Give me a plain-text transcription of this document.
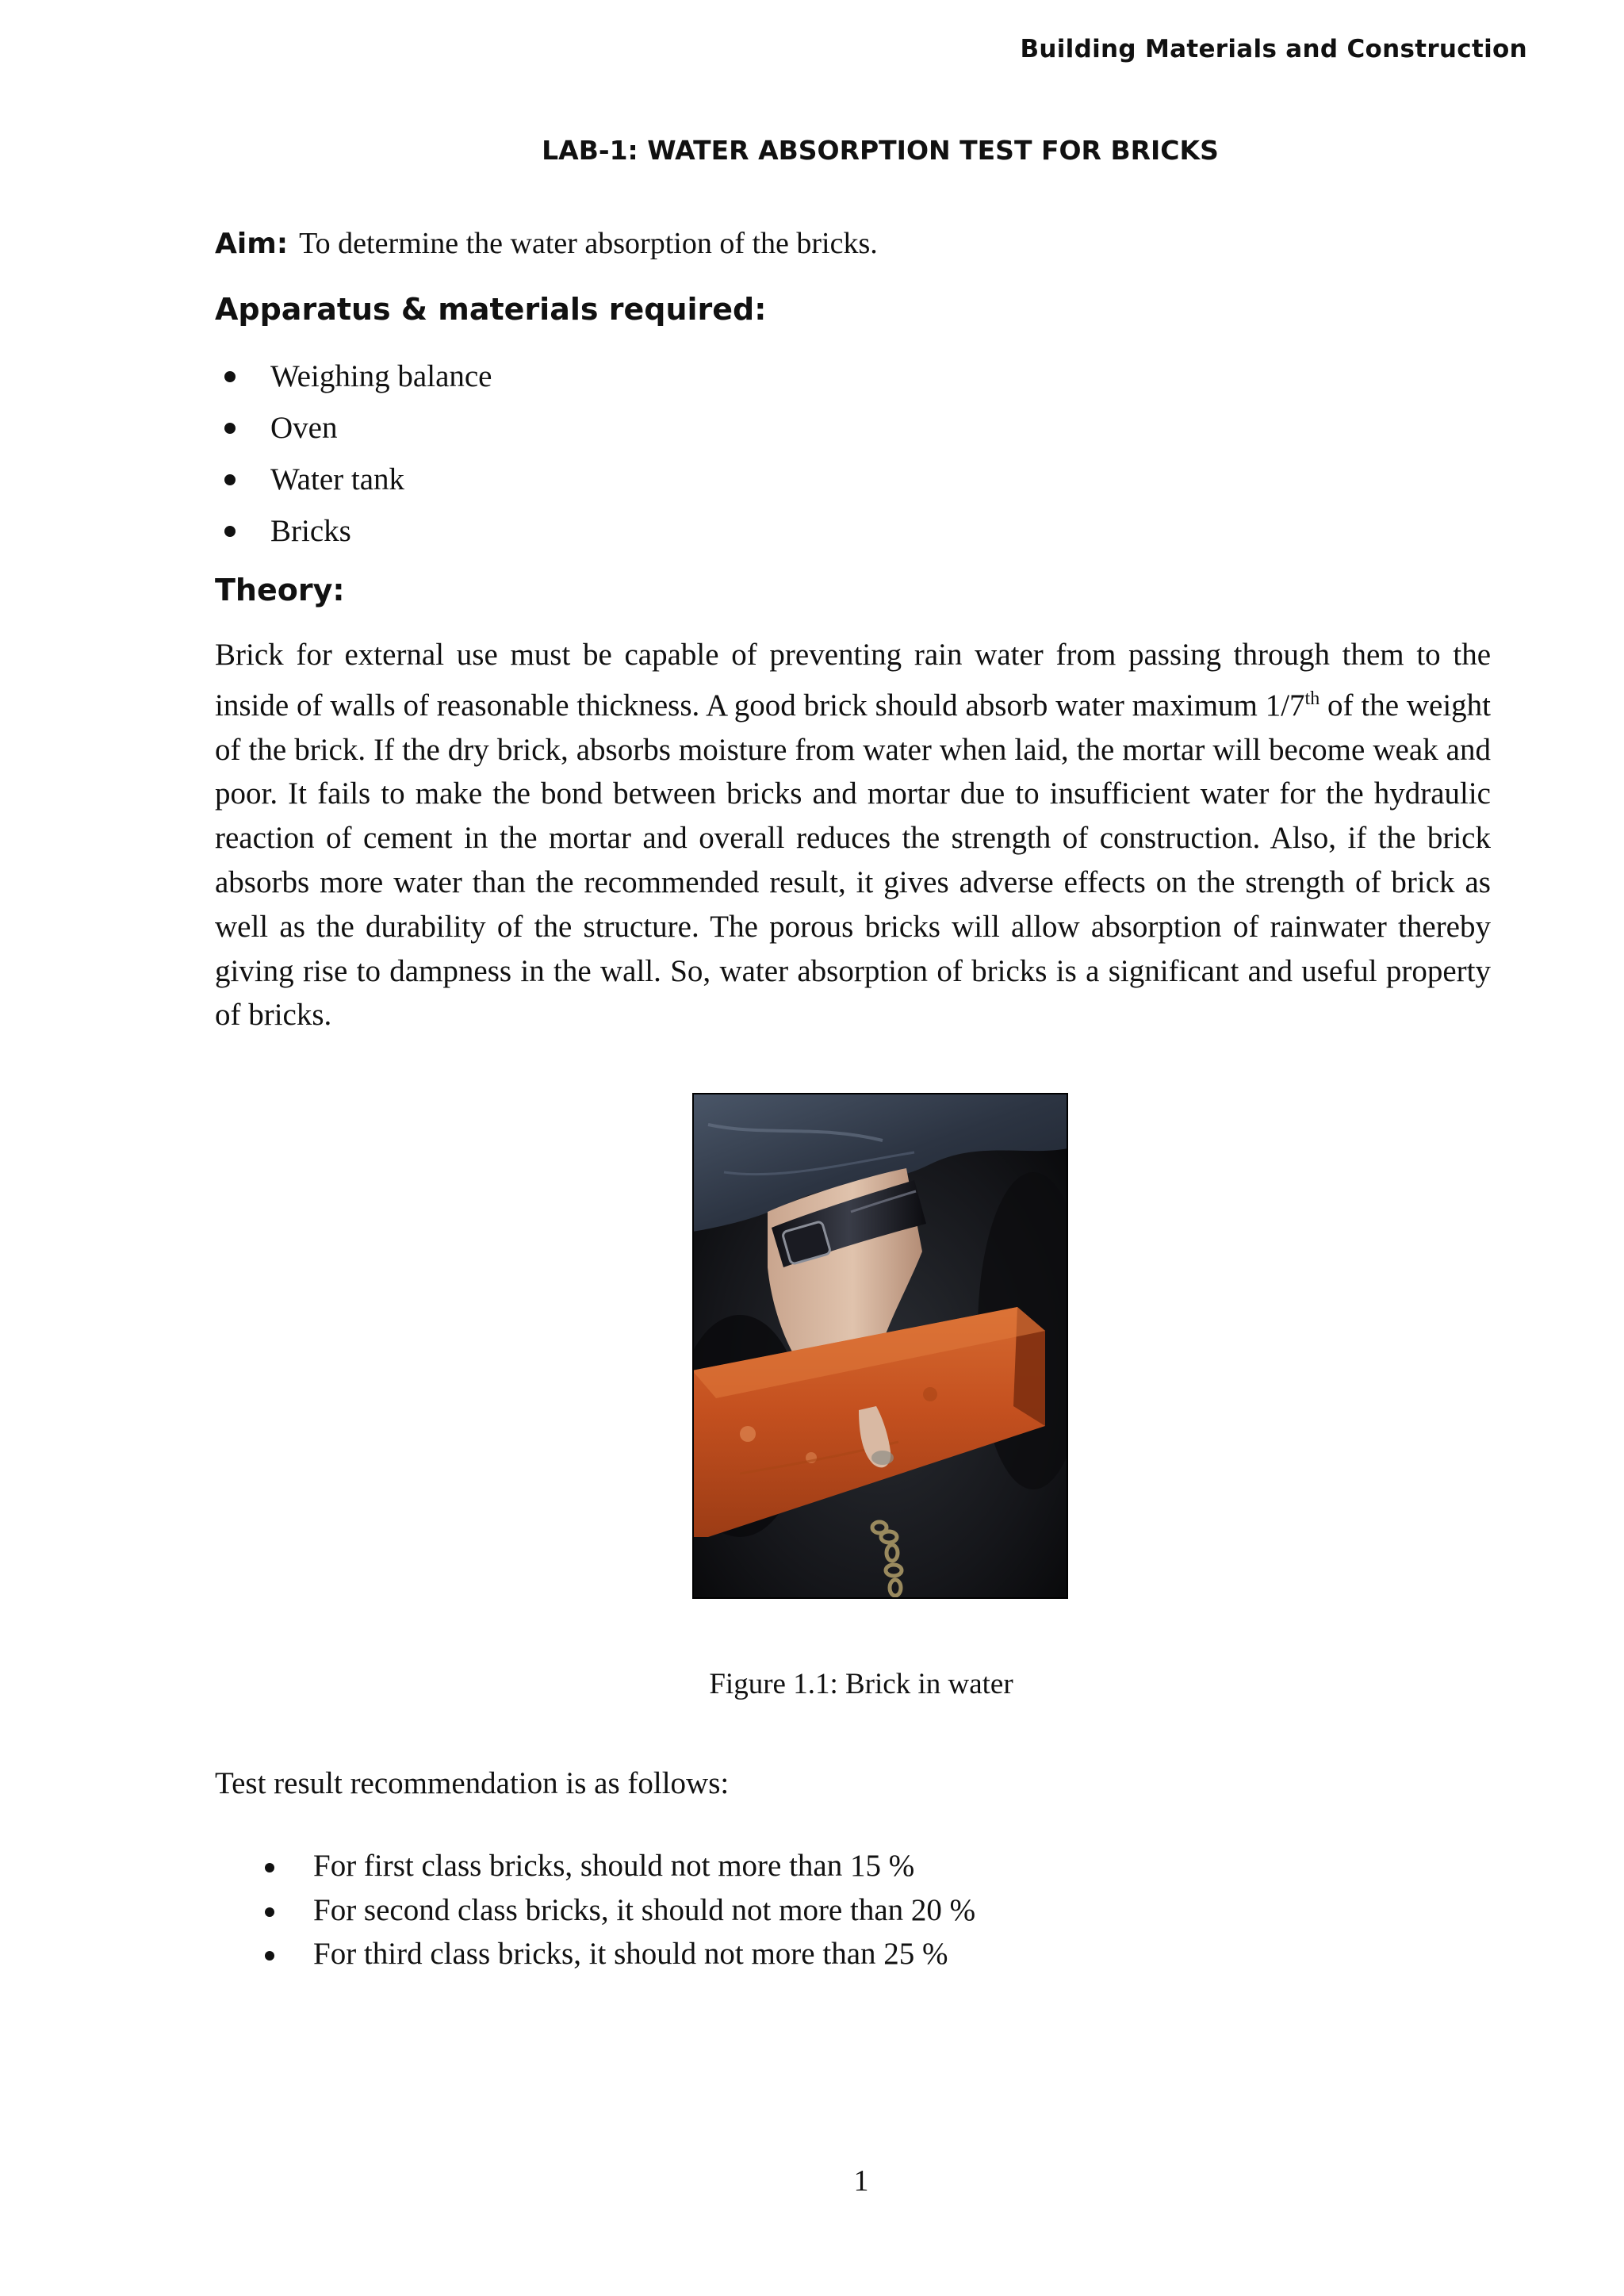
Building Materials and Construction
LAB-1: WATER ABSORPTION TEST FOR BRICKS
Aim: To determine the water absorption of the bricks.
Apparatus & materials required:
Weighing balance
Oven
Water tank
Bricks
Theory:

Brick for external use must be capable of preventing rain water from passing through them to the inside of walls of reasonable thickness. A good brick should absorb water maximum 1/7th of the weight of the brick. If the dry brick, absorbs moisture from water when laid, the mortar will become weak and poor. It fails to make the bond between bricks and mortar due to insufficient water for the hydraulic reaction of cement in the mortar and overall reduces the strength of construction. Also, if the brick absorbs more water than the recommended result, it gives adverse effects on the strength of brick as well as the durability of the structure. The porous bricks will allow absorption of rainwater thereby giving rise to dampness in the wall. So, water absorption of bricks is a significant and useful property of bricks.

Test result recommendation is as follows:
For first class bricks, should not more than 15 %
For second class bricks, it should not more than 20 %
For third class bricks, it should not more than 25 %
Figure 1.1: Brick in water
1
